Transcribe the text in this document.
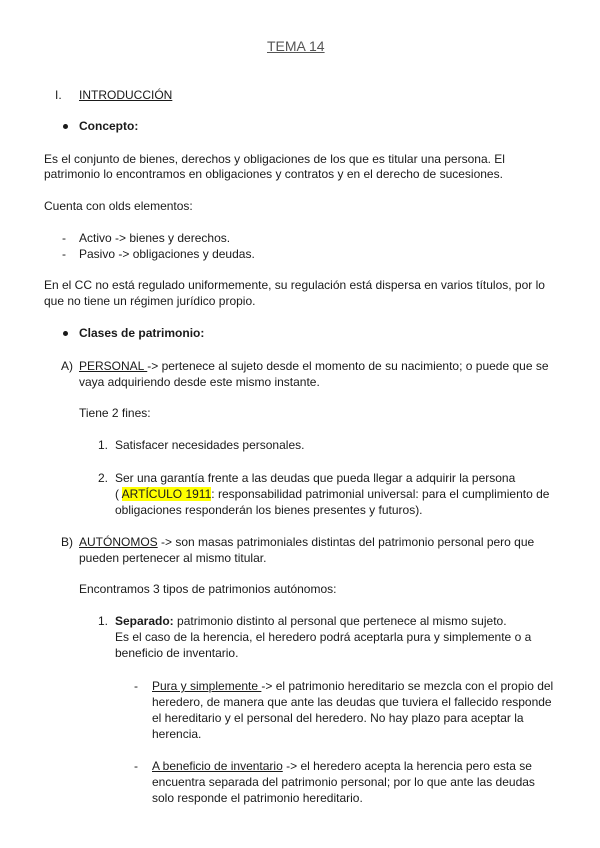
TEMA 14
I. INTRODUCCIÓN
Concepto:
Es el conjunto de bienes, derechos y obligaciones de los que es titular una persona. El
patrimonio lo encontramos en obligaciones y contratos y en el derecho de sucesiones.
Cuenta con olds elementos:
- Activo -> bienes y derechos.
- Pasivo -> obligaciones y deudas.
En el CC no está regulado uniformemente, su regulación está dispersa en varios títulos, por lo
que no tiene un régimen jurídico propio.
Clases de patrimonio:
A) PERSONAL -> pertenece al sujeto desde el momento de su nacimiento; o puede que se
vaya adquiriendo desde este mismo instante.
Tiene 2 fines:
1. Satisfacer necesidades personales.
2. Ser una garantía frente a las deudas que pueda llegar a adquirir la persona
( ARTÍCULO 1911: responsabilidad patrimonial universal: para el cumplimiento de
obligaciones responderán los bienes presentes y futuros).
B) AUTÓNOMOS -> son masas patrimoniales distintas del patrimonio personal pero que
pueden pertenecer al mismo titular.
Encontramos 3 tipos de patrimonios autónomos:
1. Separado: patrimonio distinto al personal que pertenece al mismo sujeto.
Es el caso de la herencia, el heredero podrá aceptarla pura y simplemente o a
beneficio de inventario.
- Pura y simplemente -> el patrimonio hereditario se mezcla con el propio del
heredero, de manera que ante las deudas que tuviera el fallecido responde
el hereditario y el personal del heredero. No hay plazo para aceptar la
herencia.
- A beneficio de inventario -> el heredero acepta la herencia pero esta se
encuentra separada del patrimonio personal; por lo que ante las deudas
solo responde el patrimonio hereditario.
